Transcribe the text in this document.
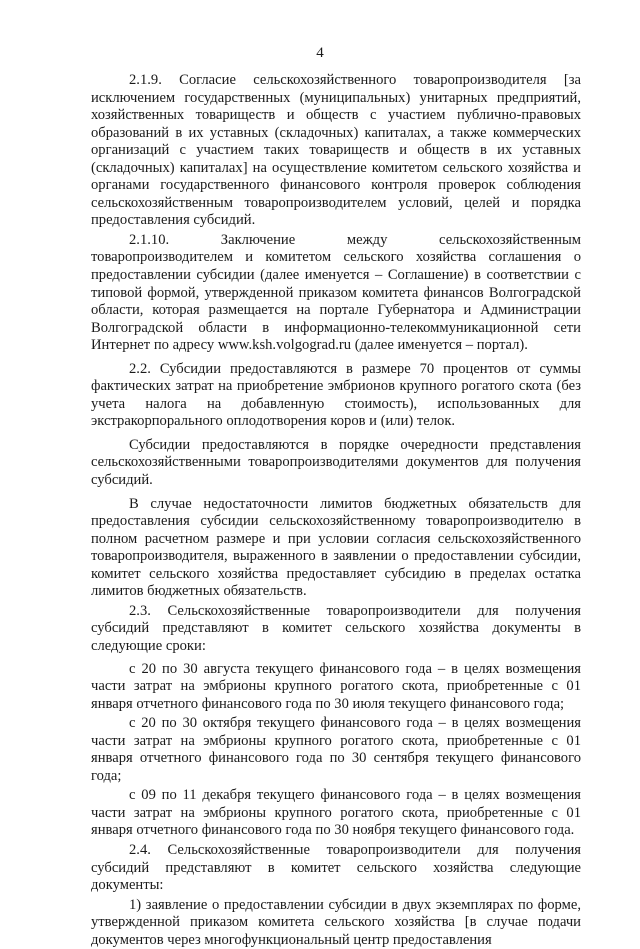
4

2.1.9. Согласие сельскохозяйственного товаропроизводителя [за исключением государственных (муниципальных) унитарных предприятий, хозяйственных товариществ и обществ с участием публично-правовых образований в их уставных (складочных) капиталах, а также коммерческих организаций с участием таких товариществ и обществ в их уставных (складочных) капиталах] на осуществление комитетом сельского хозяйства и органами государственного финансового контроля проверок соблюдения сельскохозяйственным товаропроизводителем условий, целей и порядка предоставления субсидий.

2.1.10. Заключение между сельскохозяйственным товаропроизводителем и комитетом сельского хозяйства соглашения о предоставлении субсидии (далее именуется – Соглашение) в соответствии с типовой формой, утвержденной приказом комитета финансов Волгоградской области, которая размещается на портале Губернатора и Администрации Волгоградской области в информационно-телекоммуникационной сети Интернет по адресу www.ksh.volgograd.ru (далее именуется – портал).

2.2. Субсидии предоставляются в размере 70 процентов от суммы фактических затрат на приобретение эмбрионов крупного рогатого скота (без учета налога на добавленную стоимость), использованных для экстракорпорального оплодотворения коров и (или) телок.

Субсидии предоставляются в порядке очередности представления сельскохозяйственными товаропроизводителями документов для получения субсидий.

В случае недостаточности лимитов бюджетных обязательств для предоставления субсидии сельскохозяйственному товаропроизводителю в полном расчетном размере и при условии согласия сельскохозяйственного товаропроизводителя, выраженного в заявлении о предоставлении субсидии, комитет сельского хозяйства предоставляет субсидию в пределах остатка лимитов бюджетных обязательств.

2.3. Сельскохозяйственные товаропроизводители для получения субсидий представляют в комитет сельского хозяйства документы в следующие сроки:

с 20 по 30 августа текущего финансового года – в целях возмещения части затрат на эмбрионы крупного рогатого скота, приобретенные с 01 января отчетного финансового года по 30 июля текущего финансового года;

с 20 по 30 октября текущего финансового года – в целях возмещения части затрат на эмбрионы крупного рогатого скота, приобретенные с 01 января отчетного финансового года по 30 сентября текущего финансового года;

с 09 по 11 декабря текущего финансового года – в целях возмещения части затрат на эмбрионы крупного рогатого скота, приобретенные с 01 января отчетного финансового года по 30 ноября текущего финансового года.

2.4. Сельскохозяйственные товаропроизводители для получения субсидий представляют в комитет сельского хозяйства следующие документы:

1) заявление о предоставлении субсидии в двух экземплярах по форме, утвержденной приказом комитета сельского хозяйства [в случае подачи документов через многофункциональный центр предоставления
